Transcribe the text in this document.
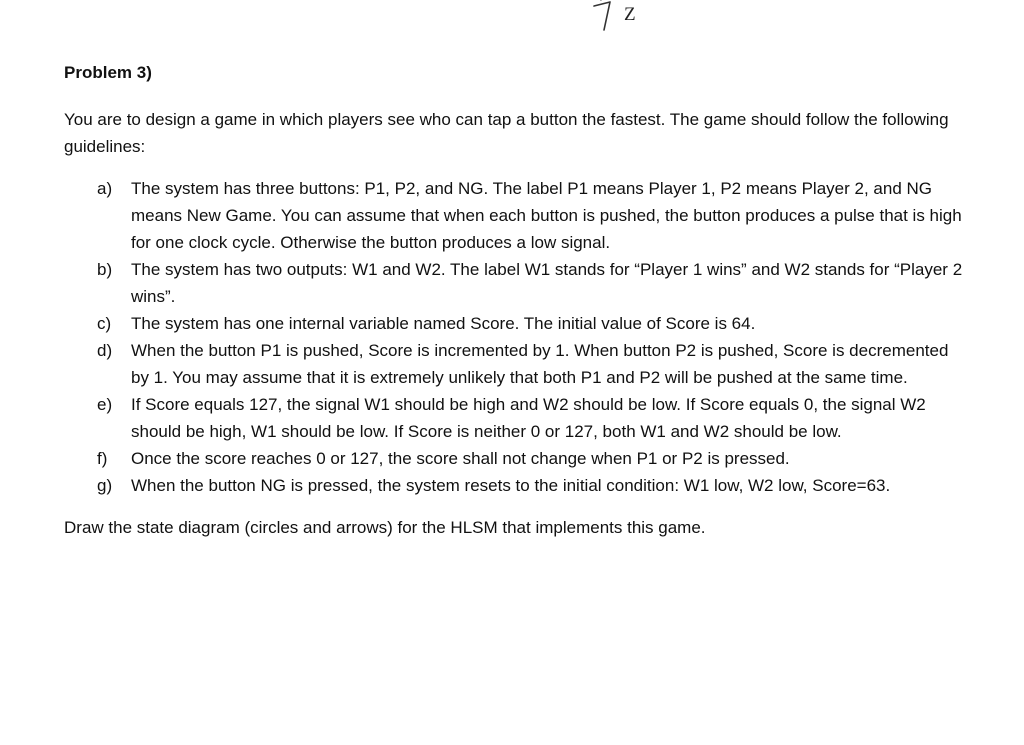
Z

Problem 3)

You are to design a game in which players see who can tap a button the fastest. The game should follow the following guidelines:

a) The system has three buttons: P1, P2, and NG. The label P1 means Player 1, P2 means Player 2, and NG means New Game. You can assume that when each button is pushed, the button produces a pulse that is high for one clock cycle. Otherwise the button produces a low signal.
b) The system has two outputs: W1 and W2. The label W1 stands for “Player 1 wins” and W2 stands for “Player 2 wins”.
c) The system has one internal variable named Score. The initial value of Score is 64.
d) When the button P1 is pushed, Score is incremented by 1. When button P2 is pushed, Score is decremented by 1. You may assume that it is extremely unlikely that both P1 and P2 will be pushed at the same time.
e) If Score equals 127, the signal W1 should be high and W2 should be low. If Score equals 0, the signal W2 should be high, W1 should be low. If Score is neither 0 or 127, both W1 and W2 should be low.
f) Once the score reaches 0 or 127, the score shall not change when P1 or P2 is pressed.
g) When the button NG is pressed, the system resets to the initial condition: W1 low, W2 low, Score=63.

Draw the state diagram (circles and arrows) for the HLSM that implements this game.
